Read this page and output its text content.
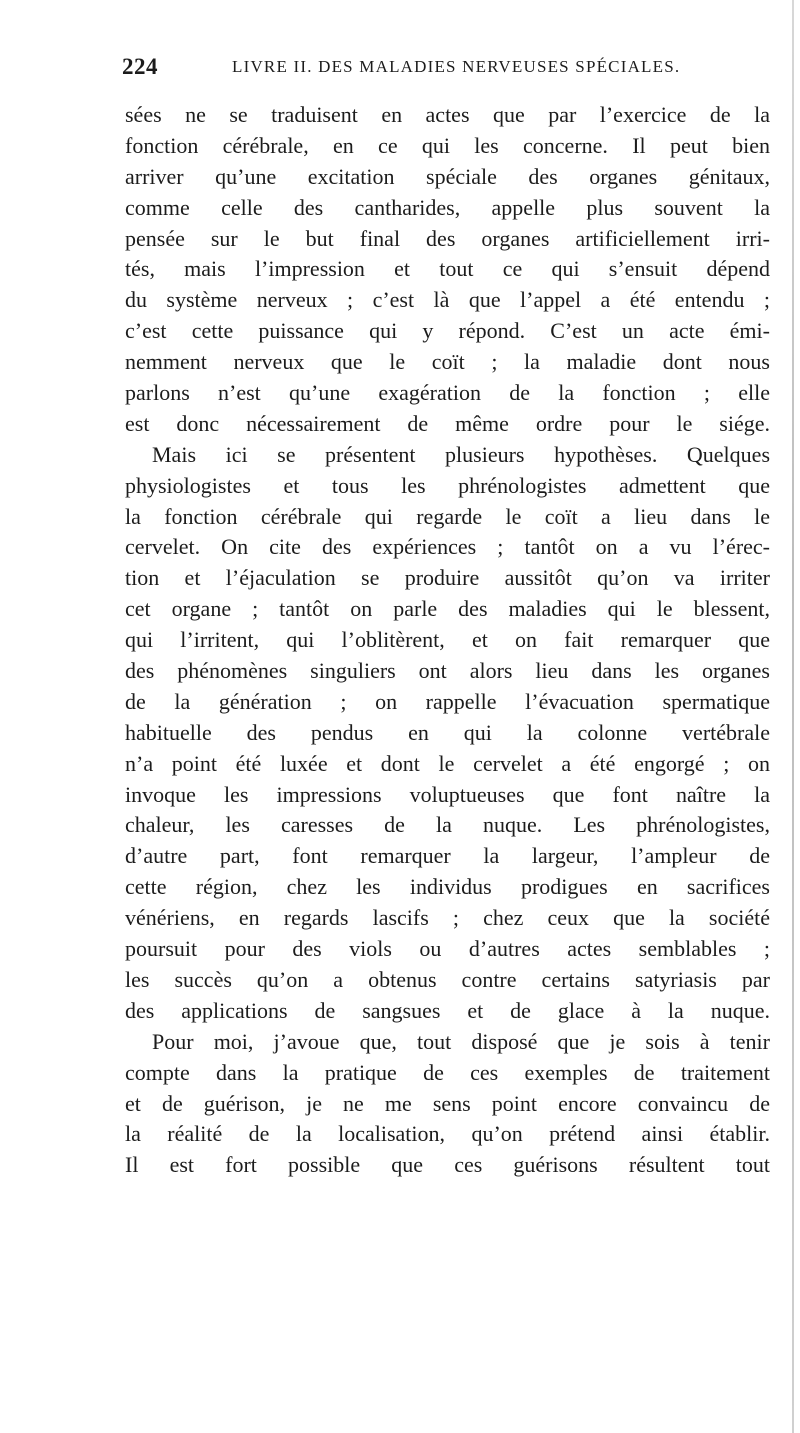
224	LIVRE II. DES MALADIES NERVEUSES SPÉCIALES.
sées ne se traduisent en actes que par l’exercice de la
fonction cérébrale, en ce qui les concerne. Il peut bien
arriver qu’une excitation spéciale des organes génitaux,
comme celle des cantharides, appelle plus souvent la
pensée sur le but final des organes artificiellement irri-
tés, mais l’impression et tout ce qui s’ensuit dépend
du système nerveux ; c’est là que l’appel a été entendu ;
c’est cette puissance qui y répond. C’est un acte émi-
nemment nerveux que le coït ; la maladie dont nous
parlons n’est qu’une exagération de la fonction ; elle
est donc nécessairement de même ordre pour le siége.
Mais ici se présentent plusieurs hypothèses. Quelques
physiologistes et tous les phrénologistes admettent que
la fonction cérébrale qui regarde le coït a lieu dans le
cervelet. On cite des expériences ; tantôt on a vu l’érec-
tion et l’éjaculation se produire aussitôt qu’on va irriter
cet organe ; tantôt on parle des maladies qui le blessent,
qui l’irritent, qui l’oblitèrent, et on fait remarquer que
des phénomènes singuliers ont alors lieu dans les organes
de la génération ; on rappelle l’évacuation spermatique
habituelle des pendus en qui la colonne vertébrale
n’a point été luxée et dont le cervelet a été engorgé ; on
invoque les impressions voluptueuses que font naître la
chaleur, les caresses de la nuque. Les phrénologistes,
d’autre part, font remarquer la largeur, l’ampleur de
cette région, chez les individus prodigues en sacrifices
vénériens, en regards lascifs ; chez ceux que la société
poursuit pour des viols ou d’autres actes semblables ;
les succès qu’on a obtenus contre certains satyriasis par
des applications de sangsues et de glace à la nuque.
Pour moi, j’avoue que, tout disposé que je sois à tenir
compte dans la pratique de ces exemples de traitement
et de guérison, je ne me sens point encore convaincu de
la réalité de la localisation, qu’on prétend ainsi établir.
Il est fort possible que ces guérisons résultent tout
